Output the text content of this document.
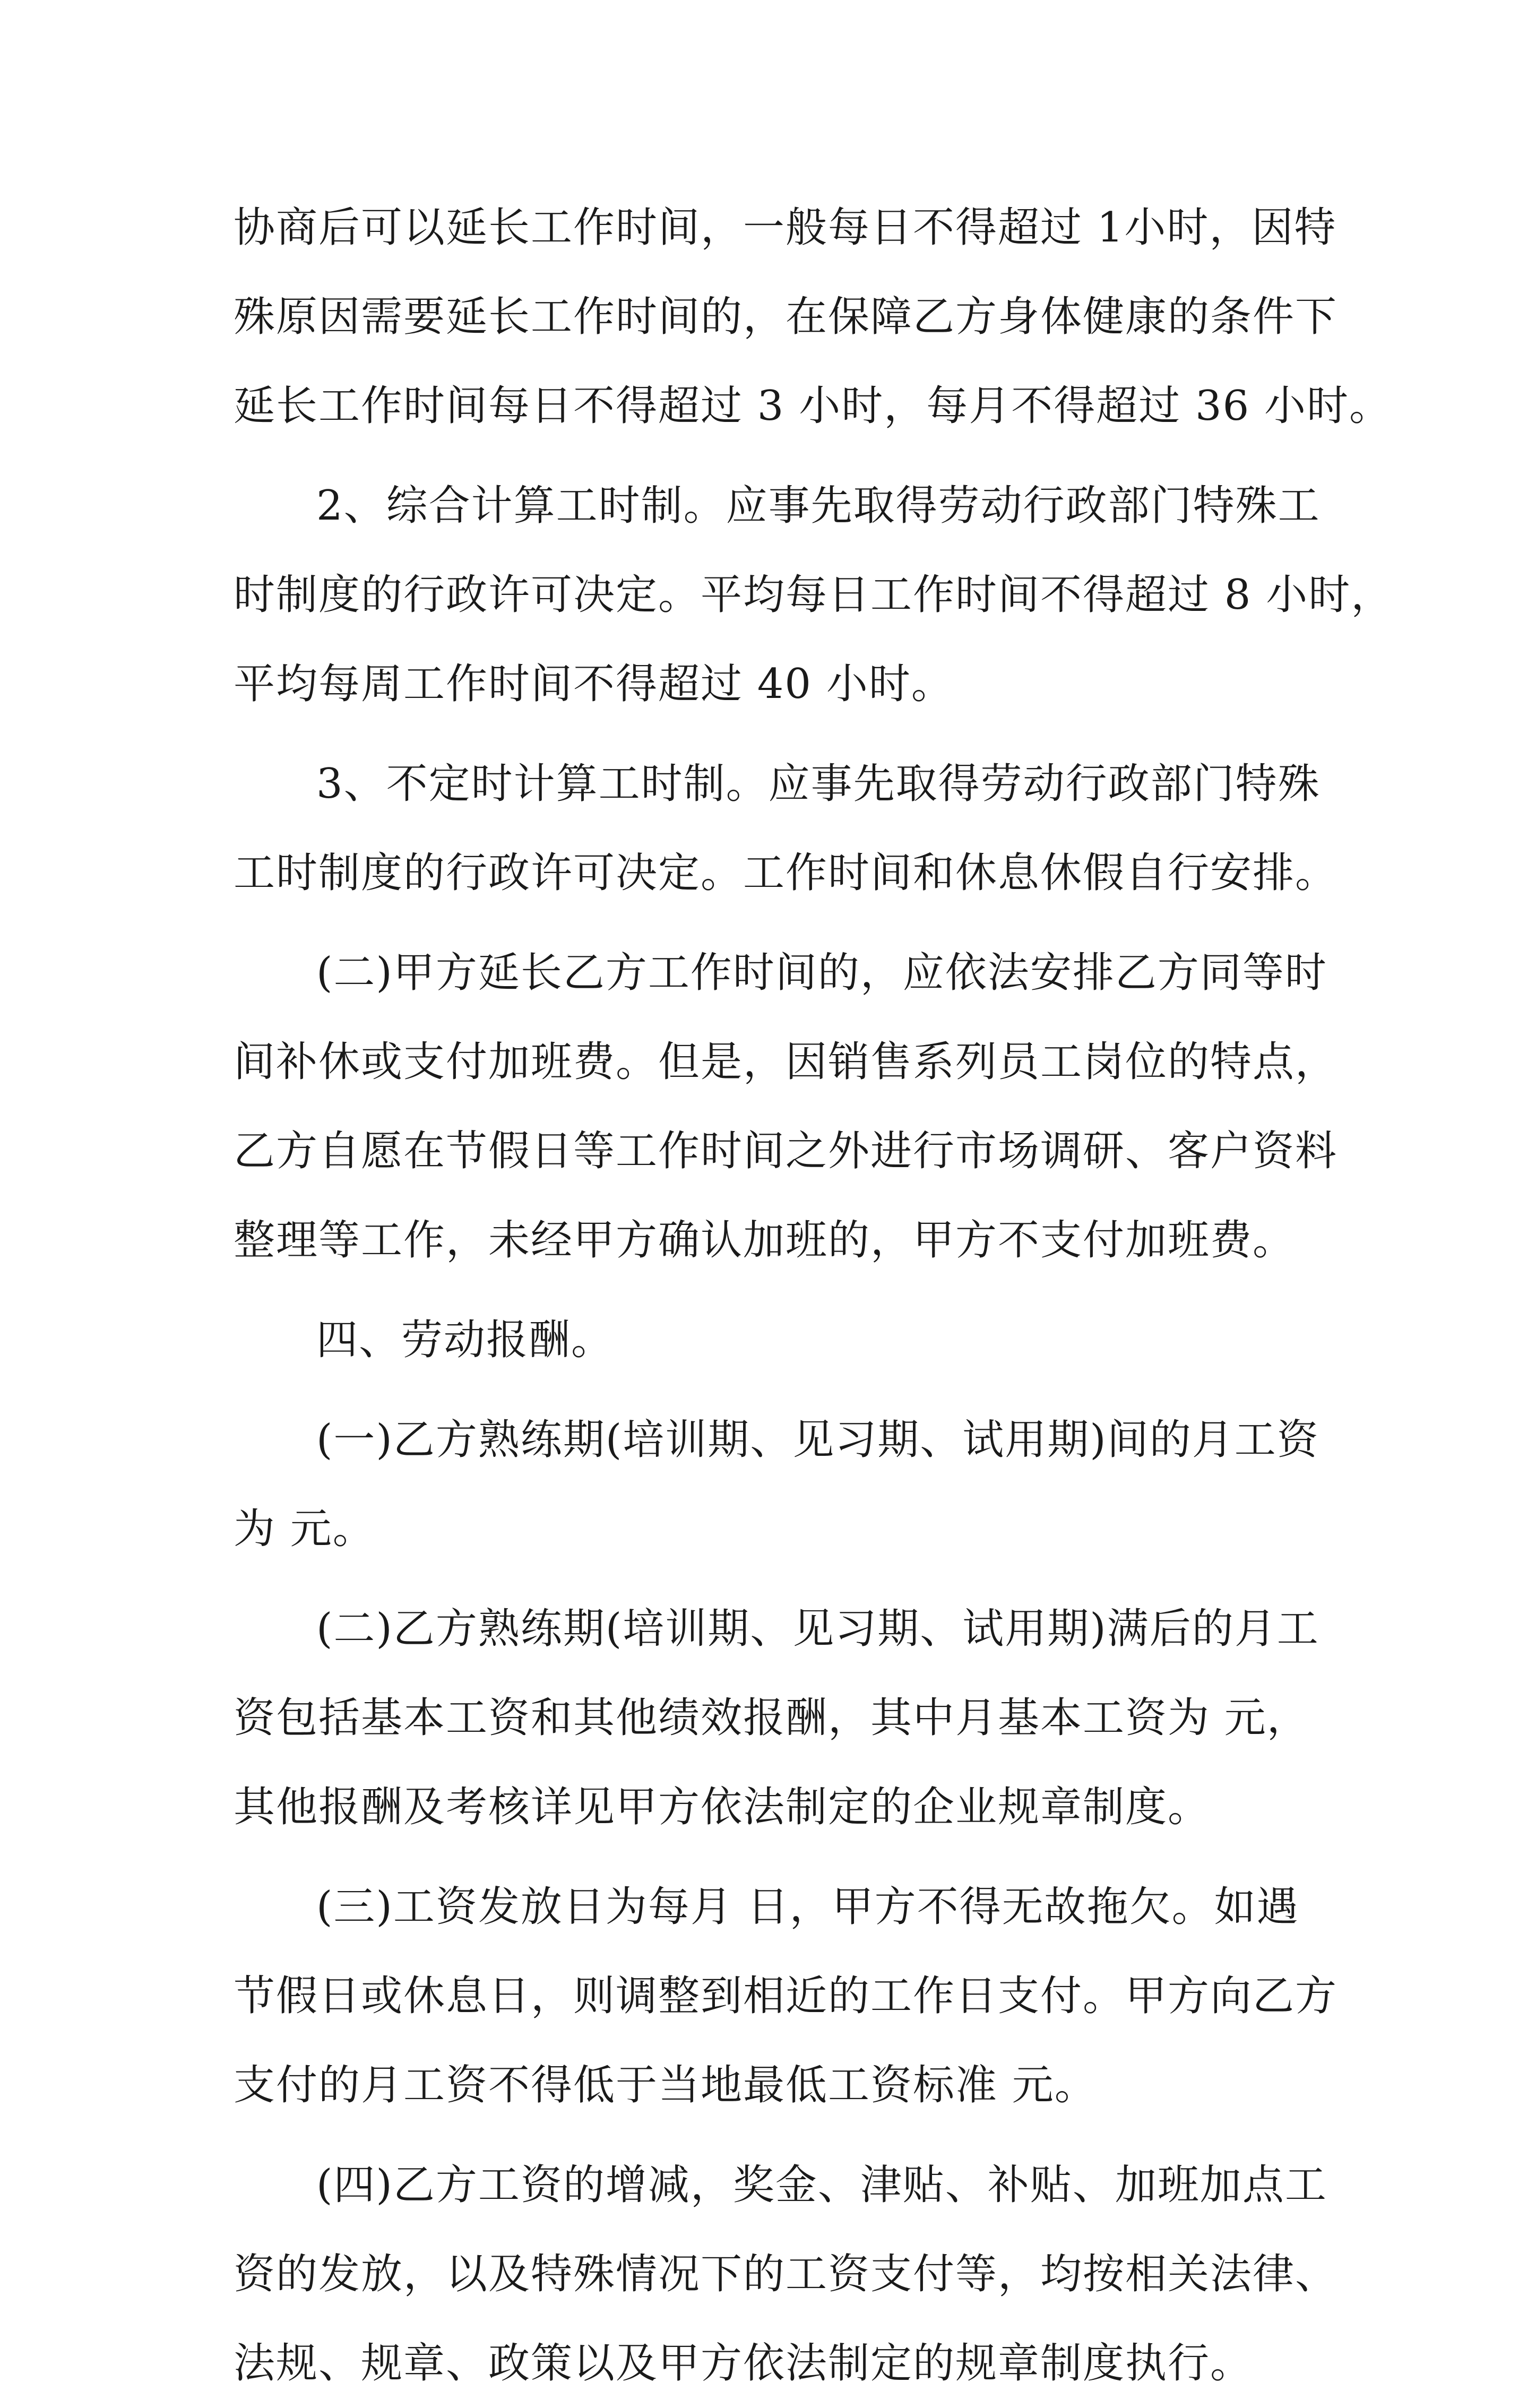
协商后可以延长工作时间，一般每日不得超过 1小时，因特
殊原因需要延长工作时间的，在保障乙方身体健康的条件下
延长工作时间每日不得超过 3 小时，每月不得超过 36 小时。
2、综合计算工时制。应事先取得劳动行政部门特殊工
时制度的行政许可决定。平均每日工作时间不得超过 8 小时，
平均每周工作时间不得超过 40 小时。
3、不定时计算工时制。应事先取得劳动行政部门特殊
工时制度的行政许可决定。工作时间和休息休假自行安排。
(二)甲方延长乙方工作时间的，应依法安排乙方同等时
间补休或支付加班费。但是，因销售系列员工岗位的特点，
乙方自愿在节假日等工作时间之外进行市场调研、客户资料
整理等工作，未经甲方确认加班的，甲方不支付加班费。
四、劳动报酬。
(一)乙方熟练期(培训期、见习期、试用期)间的月工资
为 元。
(二)乙方熟练期(培训期、见习期、试用期)满后的月工
资包括基本工资和其他绩效报酬，其中月基本工资为 元，
其他报酬及考核详见甲方依法制定的企业规章制度。
(三)工资发放日为每月 日，甲方不得无故拖欠。如遇
节假日或休息日，则调整到相近的工作日支付。甲方向乙方
支付的月工资不得低于当地最低工资标准 元。
(四)乙方工资的增减，奖金、津贴、补贴、加班加点工
资的发放，以及特殊情况下的工资支付等，均按相关法律、
法规、规章、政策以及甲方依法制定的规章制度执行。
